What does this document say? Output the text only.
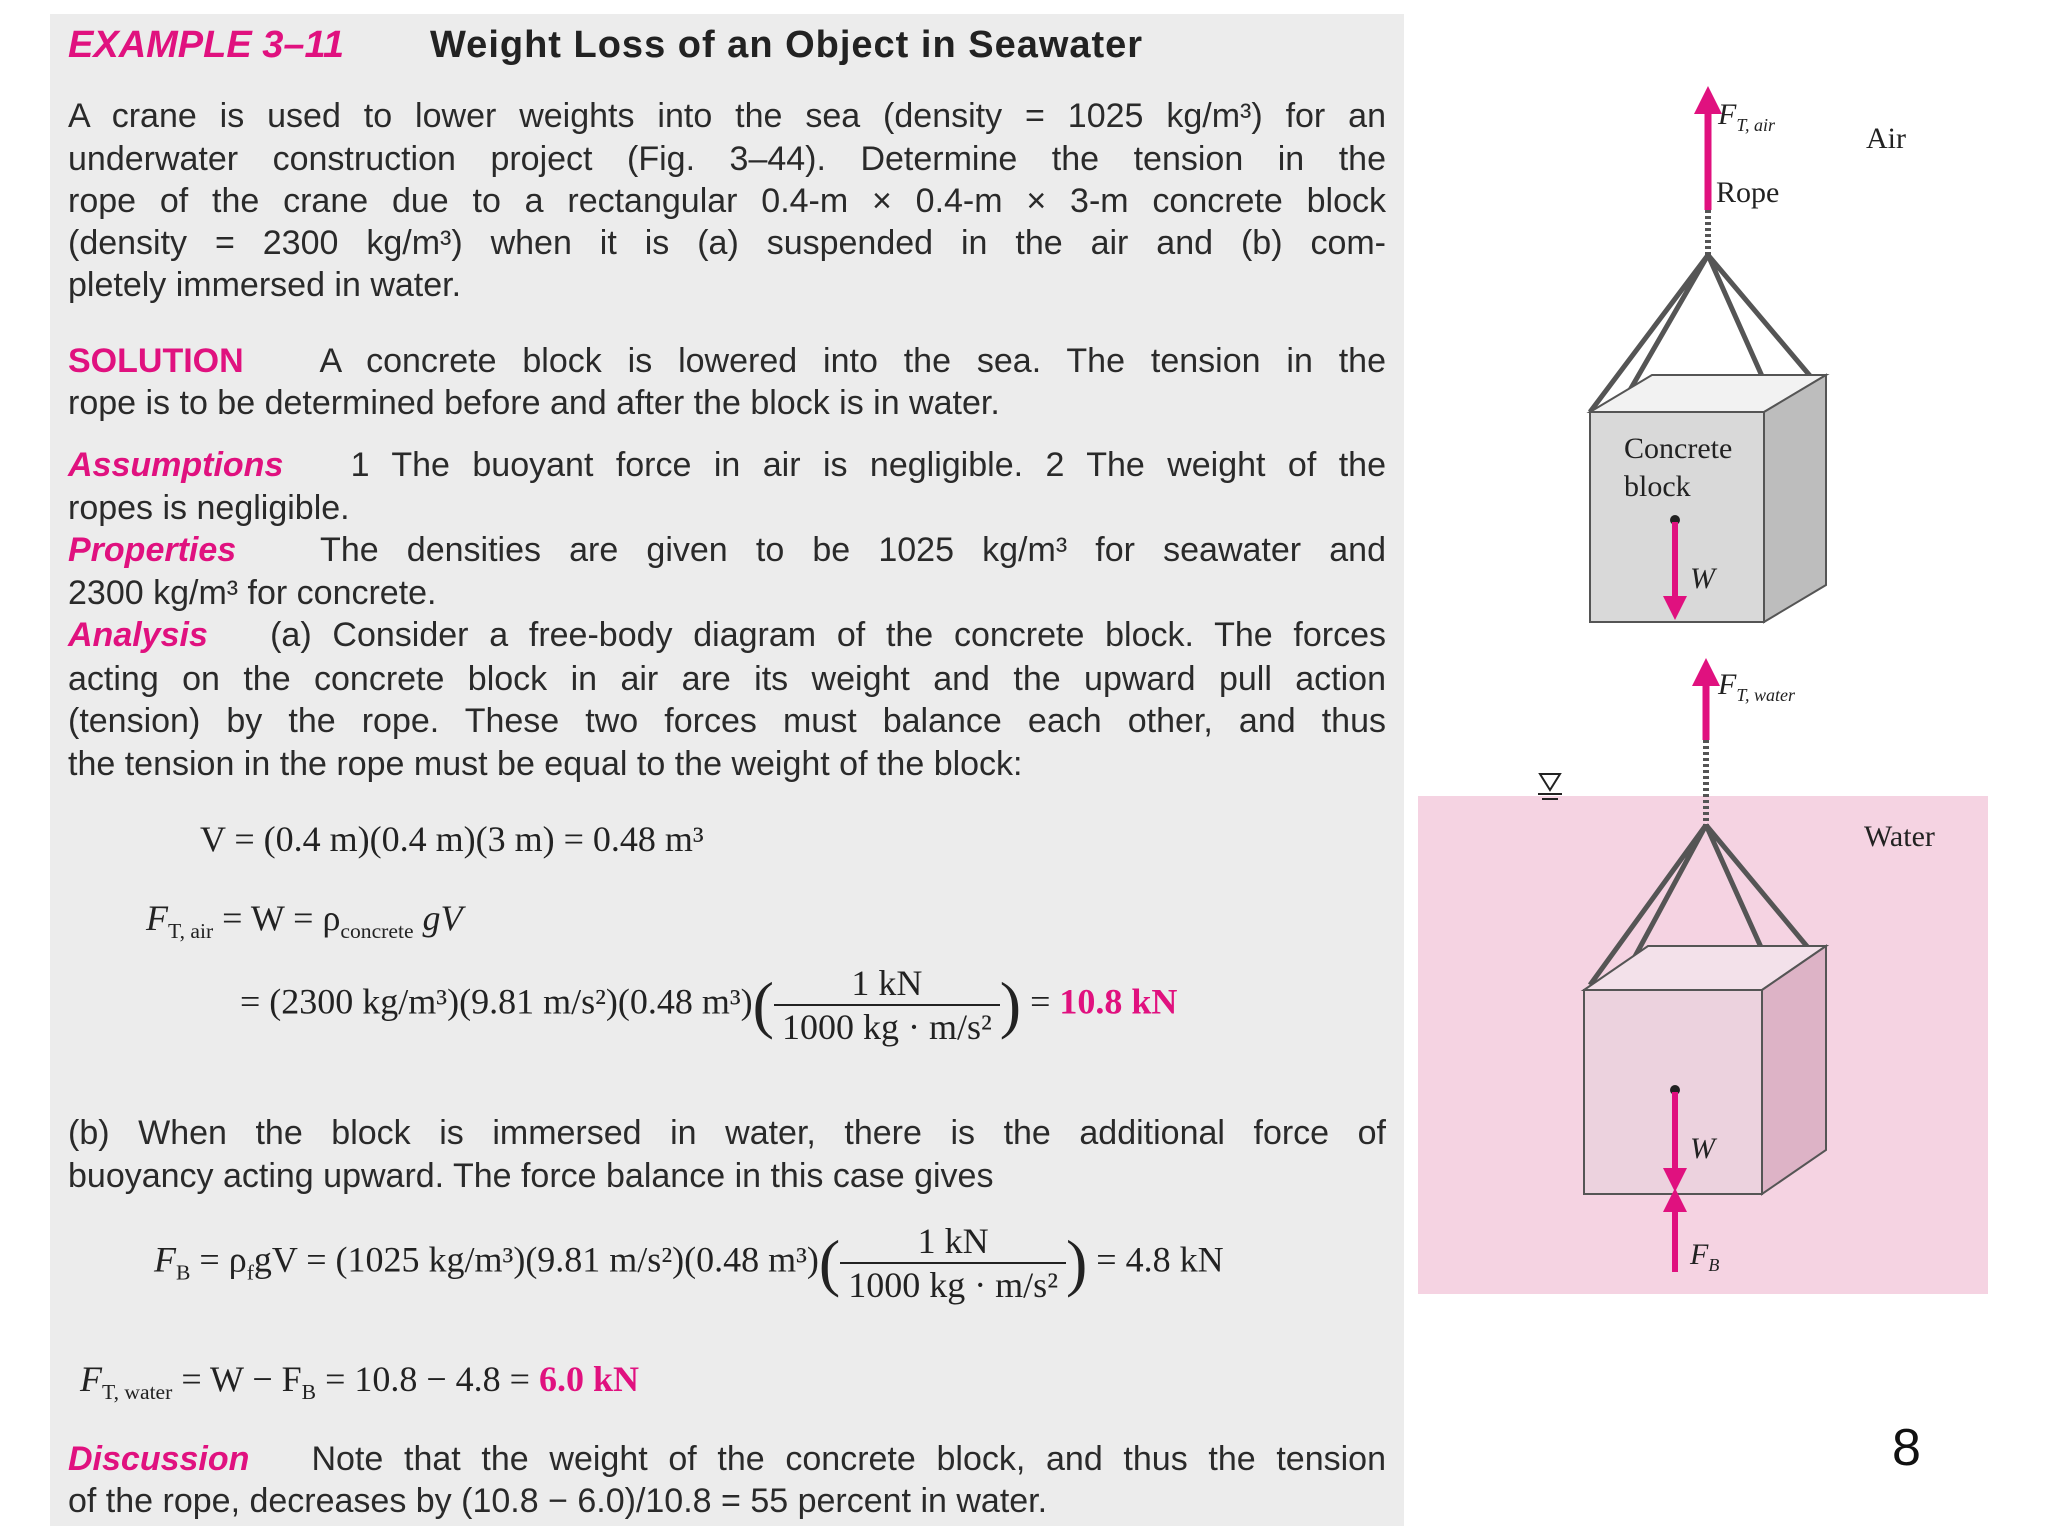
EXAMPLE 3–11 Weight Loss of an Object in Seawater
A crane is used to lower weights into the sea (density = 1025 kg/m³) for an
underwater construction project (Fig. 3–44). Determine the tension in the
rope of the crane due to a rectangular 0.4-m × 0.4-m × 3-m concrete block
(density = 2300 kg/m³) when it is (a) suspended in the air and (b) com-
pletely immersed in water.
SOLUTION A concrete block is lowered into the sea. The tension in the
rope is to be determined before and after the block is in water.
Assumptions 1 The buoyant force in air is negligible. 2 The weight of the
ropes is negligible.
Properties The densities are given to be 1025 kg/m³ for seawater and
2300 kg/m³ for concrete.
Analysis (a) Consider a free-body diagram of the concrete block. The forces
acting on the concrete block in air are its weight and the upward pull action
(tension) by the rope. These two forces must balance each other, and thus
the tension in the rope must be equal to the weight of the block:
V = (0.4 m)(0.4 m)(3 m) = 0.48 m³
$F_{T, air} = W = \rho_{concrete}$ gV
= (2300 kg/m³)(9.81 m/s²)(0.48 $m^3)( \frac{1 kN}{\text{1000 kg · m/s²}}$ ) = 10.8 kN
(b) When the block is immersed in water, there is the additional force of
buoyancy acting upward. The force balance in this case gives
$F_B = \rho_fgV = (1025$ kg/m³)(9.81 m/s²)(0.48 $m^3)( \frac{1 kN}{\text{1000 kg · m/s²}}$ ) = 4.8 kN
$F_{T, water} = W - F_B = 10.8 - 4.8 = 6.0$ kN
Discussion Note that the weight of the concrete block, and thus the tension
of the rope, decreases by (10.8 − 6.0)/10.8 = 55 percent in water.
$F_{T, air}$	Air
Rope
Concrete
block
W
$F_{T, water}$
Water
W
$F_B$
8
